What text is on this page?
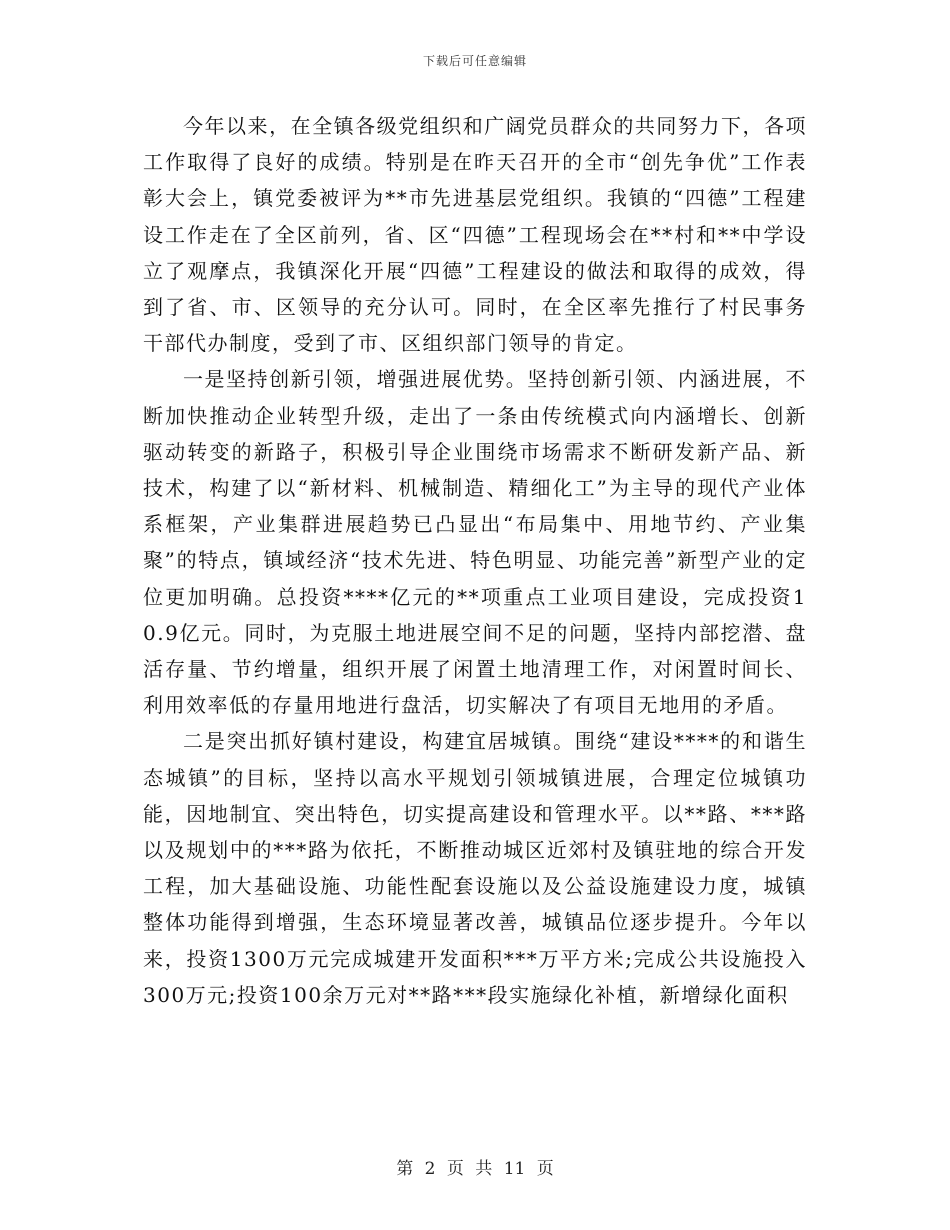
下载后可任意编辑

今年以来，在全镇各级党组织和广阔党员群众的共同努力下，各项工作取得了良好的成绩。特别是在昨天召开的全市“创先争优”工作表彰大会上，镇党委被评为**市先进基层党组织。我镇的“四德”工程建设工作走在了全区前列，省、区“四德”工程现场会在**村和**中学设立了观摩点，我镇深化开展“四德”工程建设的做法和取得的成效，得到了省、市、区领导的充分认可。同时，在全区率先推行了村民事务干部代办制度，受到了市、区组织部门领导的肯定。

一是坚持创新引领，增强进展优势。坚持创新引领、内涵进展，不断加快推动企业转型升级，走出了一条由传统模式向内涵增长、创新驱动转变的新路子，积极引导企业围绕市场需求不断研发新产品、新技术，构建了以“新材料、机械制造、精细化工”为主导的现代产业体系框架，产业集群进展趋势已凸显出“布局集中、用地节约、产业集聚”的特点，镇域经济“技术先进、特色明显、功能完善”新型产业的定位更加明确。总投资****亿元的**项重点工业项目建设，完成投资10.9亿元。同时，为克服土地进展空间不足的问题，坚持内部挖潜、盘活存量、节约增量，组织开展了闲置土地清理工作，对闲置时间长、利用效率低的存量用地进行盘活，切实解决了有项目无地用的矛盾。

二是突出抓好镇村建设，构建宜居城镇。围绕“建设****的和谐生态城镇”的目标，坚持以高水平规划引领城镇进展，合理定位城镇功能，因地制宜、突出特色，切实提高建设和管理水平。以**路、***路以及规划中的***路为依托，不断推动城区近郊村及镇驻地的综合开发工程，加大基础设施、功能性配套设施以及公益设施建设力度，城镇整体功能得到增强，生态环境显著改善，城镇品位逐步提升。今年以来，投资1300万元完成城建开发面积***万平方米;完成公共设施投入300万元;投资100余万元对**路***段实施绿化补植，新增绿化面积

第 2 页 共 11 页
